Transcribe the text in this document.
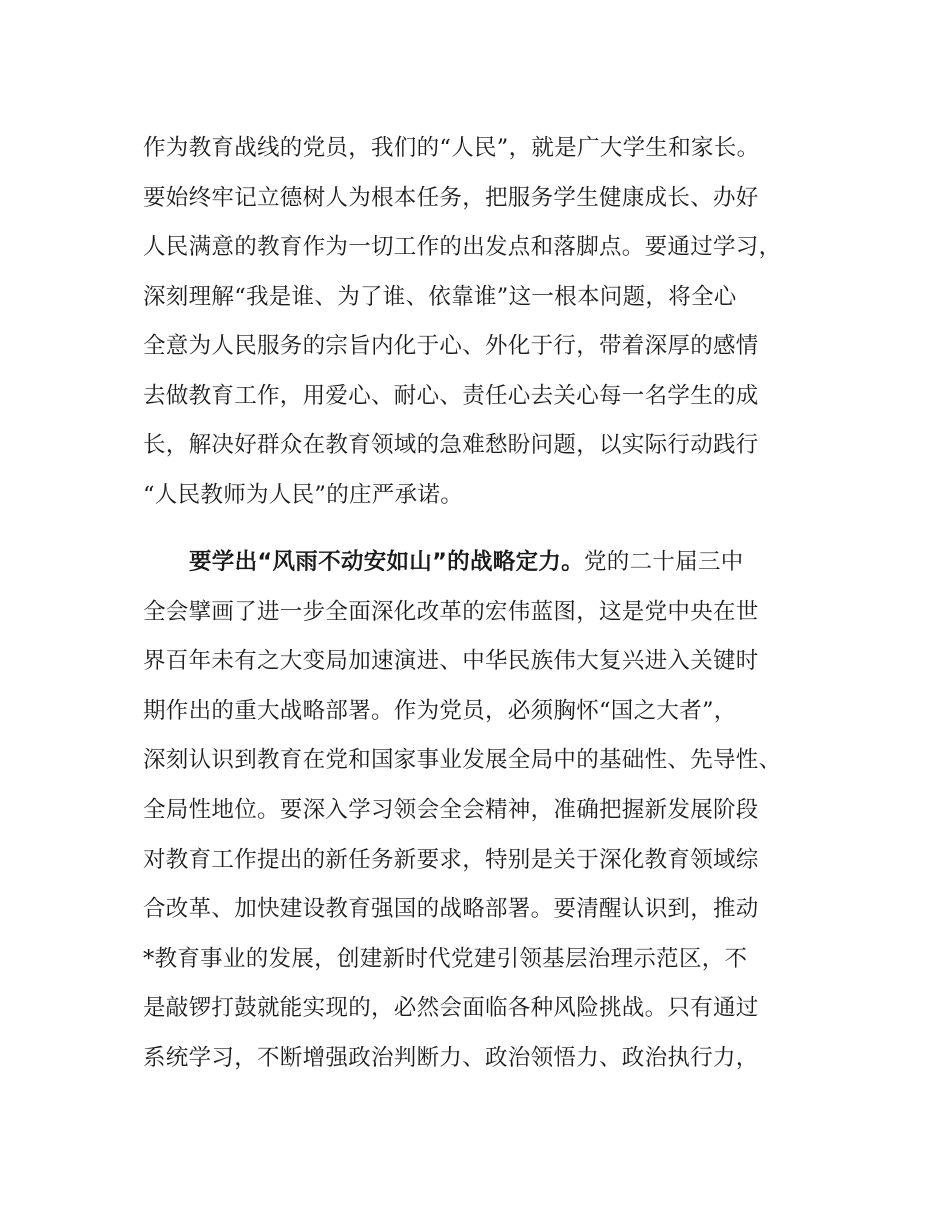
作为教育战线的党员，我们的“人民”，就是广大学生和家长。
要始终牢记立德树人为根本任务，把服务学生健康成长、办好
人民满意的教育作为一切工作的出发点和落脚点。要通过学习，
深刻理解“我是谁、为了谁、依靠谁”这一根本问题，将全心
全意为人民服务的宗旨内化于心、外化于行，带着深厚的感情
去做教育工作，用爱心、耐心、责任心去关心每一名学生的成
长，解决好群众在教育领域的急难愁盼问题，以实际行动践行
“人民教师为人民”的庄严承诺。
要学出“风雨不动安如山”的战略定力。党的二十届三中
全会擘画了进一步全面深化改革的宏伟蓝图，这是党中央在世
界百年未有之大变局加速演进、中华民族伟大复兴进入关键时
期作出的重大战略部署。作为党员，必须胸怀“国之大者”，
深刻认识到教育在党和国家事业发展全局中的基础性、先导性、
全局性地位。要深入学习领会全会精神，准确把握新发展阶段
对教育工作提出的新任务新要求，特别是关于深化教育领域综
合改革、加快建设教育强国的战略部署。要清醒认识到，推动
*教育事业的发展，创建新时代党建引领基层治理示范区，不
是敲锣打鼓就能实现的，必然会面临各种风险挑战。只有通过
系统学习，不断增强政治判断力、政治领悟力、政治执行力，
